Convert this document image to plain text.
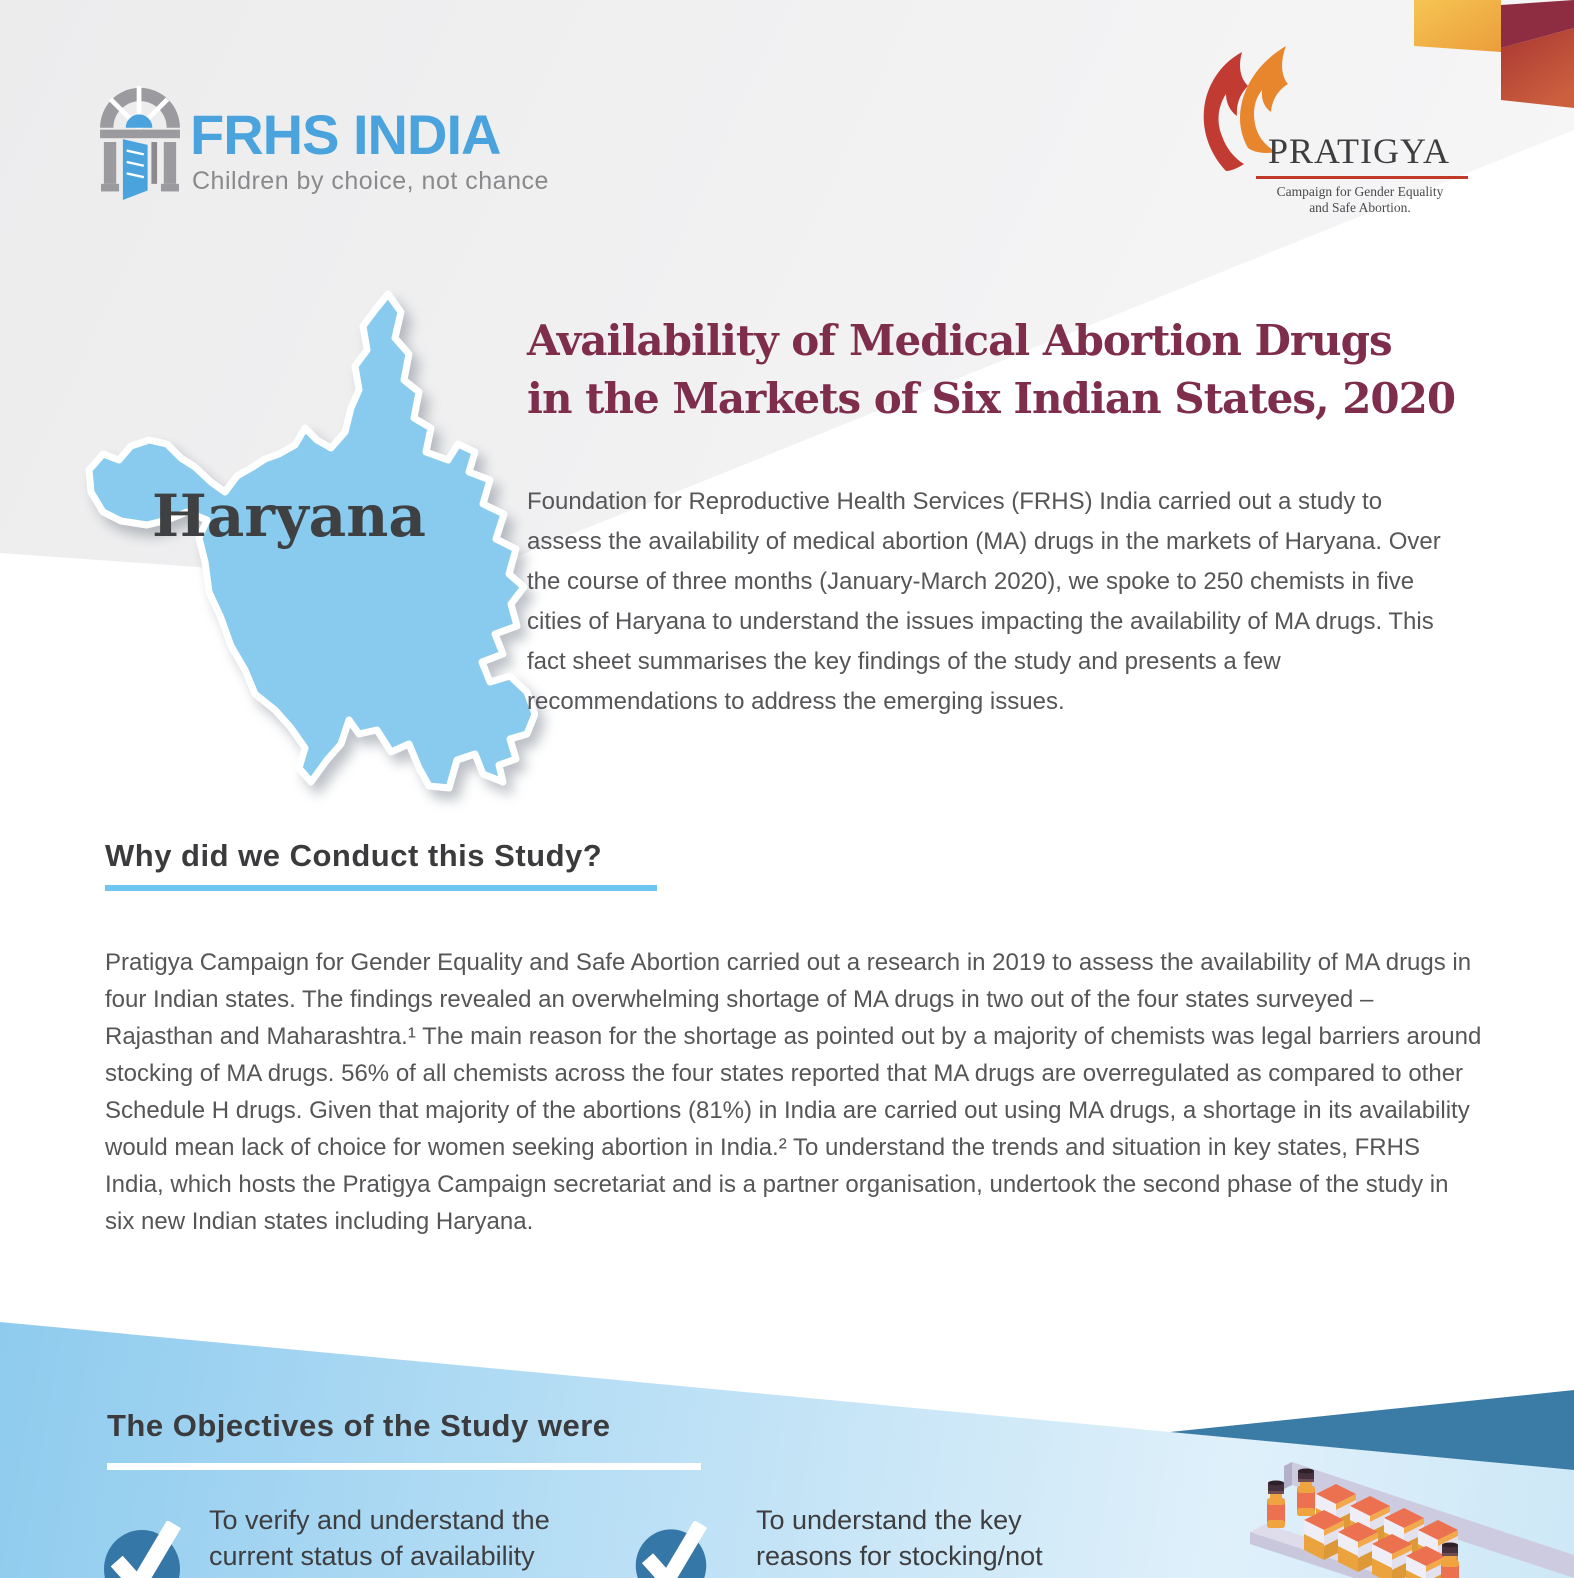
FRHS INDIA
Children by choice, not chance
PRATIGYA
Campaign for Gender Equality
and Safe Abortion.
Haryana
Availability of Medical Abortion Drugs
in the Markets of Six Indian States, 2020
Foundation for Reproductive Health Services (FRHS) India carried out a study to assess the availability of medical abortion (MA) drugs in the markets of Haryana. Over the course of three months (January-March 2020), we spoke to 250 chemists in five cities of Haryana to understand the issues impacting the availability of MA drugs. This fact sheet summarises the key findings of the study and presents a few recommendations to address the emerging issues.
Why did we Conduct this Study?
Pratigya Campaign for Gender Equality and Safe Abortion carried out a research in 2019 to assess the availability of MA drugs in four Indian states. The findings revealed an overwhelming shortage of MA drugs in two out of the four states surveyed – Rajasthan and Maharashtra.¹ The main reason for the shortage as pointed out by a majority of chemists was legal barriers around stocking of MA drugs. 56% of all chemists across the four states reported that MA drugs are overregulated as compared to other Schedule H drugs. Given that majority of the abortions (81%) in India are carried out using MA drugs, a shortage in its availability would mean lack of choice for women seeking abortion in India.² To understand the trends and situation in key states, FRHS India, which hosts the Pratigya Campaign secretariat and is a partner organisation, undertook the second phase of the study in six new Indian states including Haryana.
The Objectives of the Study were
To verify and understand the
current status of availability
To understand the key
reasons for stocking/not
